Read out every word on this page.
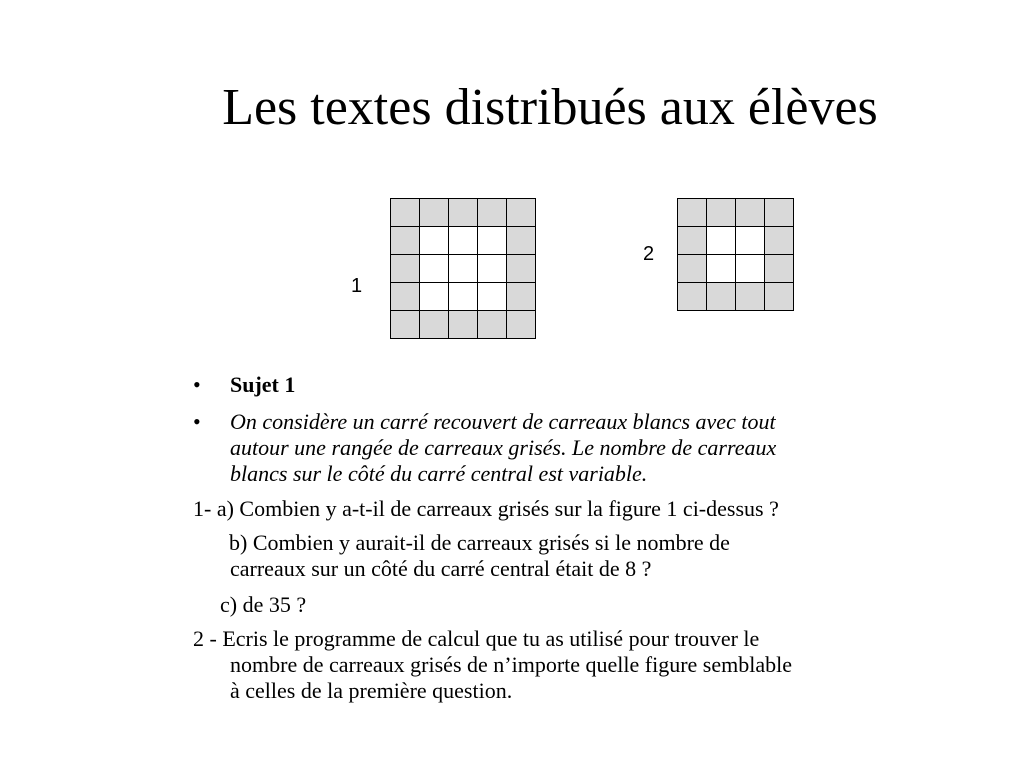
Les textes distribués aux élèves
1
2
• Sujet 1
• On considère un carré recouvert de carreaux blancs avec tout
autour une rangée de carreaux grisés. Le nombre de carreaux
blancs sur le côté du carré central est variable.
1- a) Combien y a-t-il de carreaux grisés sur la figure 1 ci-dessus ?
b) Combien y aurait-il de carreaux grisés si le nombre de
carreaux sur un côté du carré central était de 8 ?
c) de 35 ?
2 - Ecris le programme de calcul que tu as utilisé pour trouver le
nombre de carreaux grisés de n’importe quelle figure semblable
à celles de la première question.
